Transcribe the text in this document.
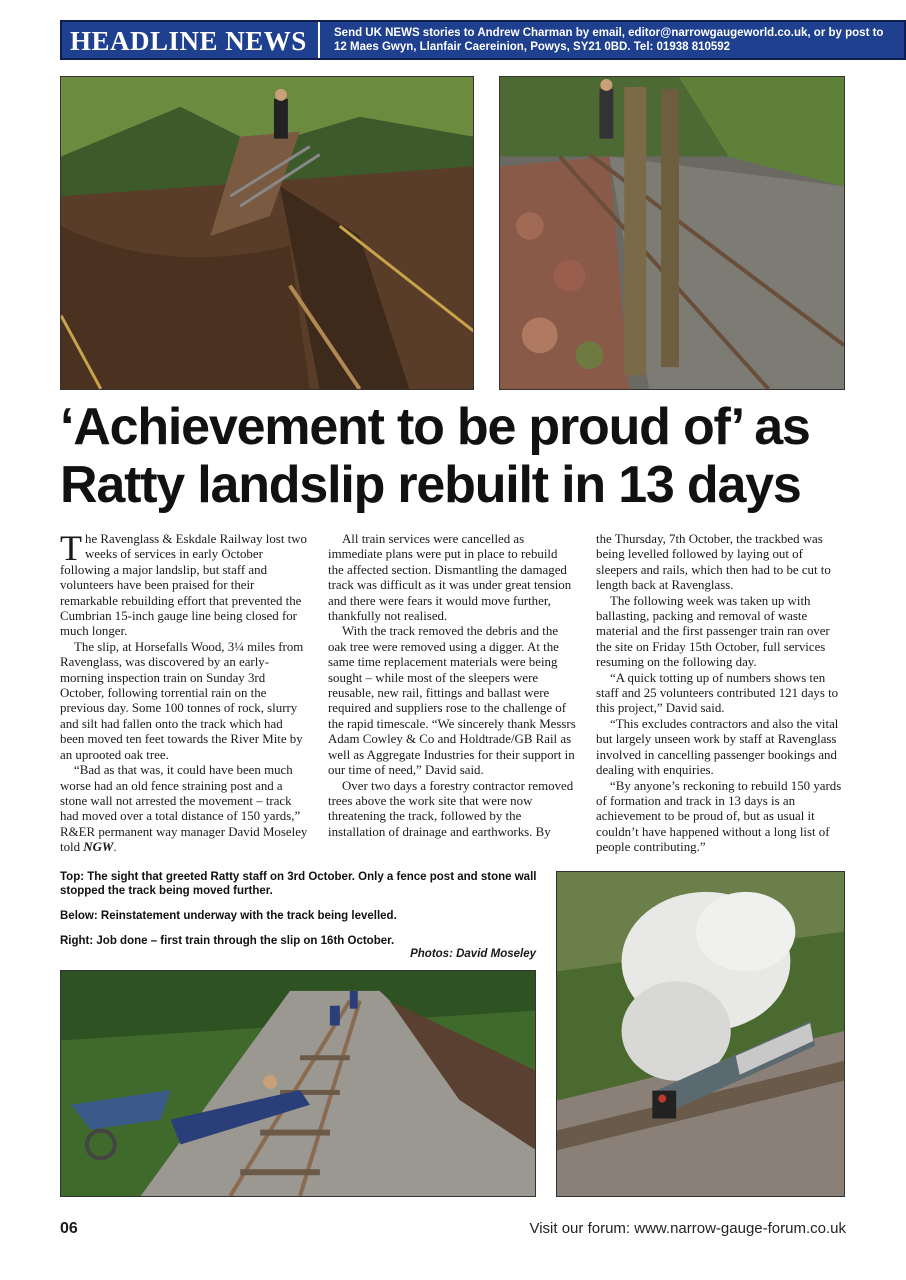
HEADLINE NEWS Send UK NEWS stories to Andrew Charman by email, editor@narrowgaugeworld.co.uk, or by post to 12 Maes Gwyn, Llanfair Caereinion, Powys, SY21 0BD. Tel: 01938 810592
‘Achievement to be proud of’ as Ratty landslip rebuilt in 13 days

The Ravenglass & Eskdale Railway lost two weeks of services in early October following a major landslip, but staff and volunteers have been praised for their remarkable rebuilding effort that prevented the Cumbrian 15-inch gauge line being closed for much longer.

The slip, at Horsefalls Wood, 3¼ miles from Ravenglass, was discovered by an early-morning inspection train on Sunday 3rd October, following torrential rain on the previous day. Some 100 tonnes of rock, slurry and silt had fallen onto the track which had been moved ten feet towards the River Mite by an uprooted oak tree.

“Bad as that was, it could have been much worse had an old fence straining post and a stone wall not arrested the movement – track had moved over a total distance of 150 yards,” R&ER permanent way manager David Moseley told NGW.

All train services were cancelled as immediate plans were put in place to rebuild the affected section. Dismantling the damaged track was difficult as it was under great tension and there were fears it would move further, thankfully not realised.

With the track removed the debris and the oak tree were removed using a digger. At the same time replacement materials were being sought – while most of the sleepers were reusable, new rail, fittings and ballast were required and suppliers rose to the challenge of the rapid timescale. “We sincerely thank Messrs Adam Cowley & Co and Holdtrade/GB Rail as well as Aggregate Industries for their support in our time of need,” David said.

Over two days a forestry contractor removed trees above the work site that were now threatening the track, followed by the installation of drainage and earthworks. By

the Thursday, 7th October, the trackbed was being levelled followed by laying out of sleepers and rails, which then had to be cut to length back at Ravenglass.

The following week was taken up with ballasting, packing and removal of waste material and the first passenger train ran over the site on Friday 15th October, full services resuming on the following day.

“A quick totting up of numbers shows ten staff and 25 volunteers contributed 121 days to this project,” David said.

“This excludes contractors and also the vital but largely unseen work by staff at Ravenglass involved in cancelling passenger bookings and dealing with enquiries.

“By anyone’s reckoning to rebuild 150 yards of formation and track in 13 days is an achievement to be proud of, but as usual it couldn’t have happened without a long list of people contributing.”

Top: The sight that greeted Ratty staff on 3rd October. Only a fence post and stone wall stopped the track being moved further.
Below: Reinstatement underway with the track being levelled.
Right: Job done – first train through the slip on 16th October.
Photos: David Moseley
06	Visit our forum: www.narrow-gauge-forum.co.uk
